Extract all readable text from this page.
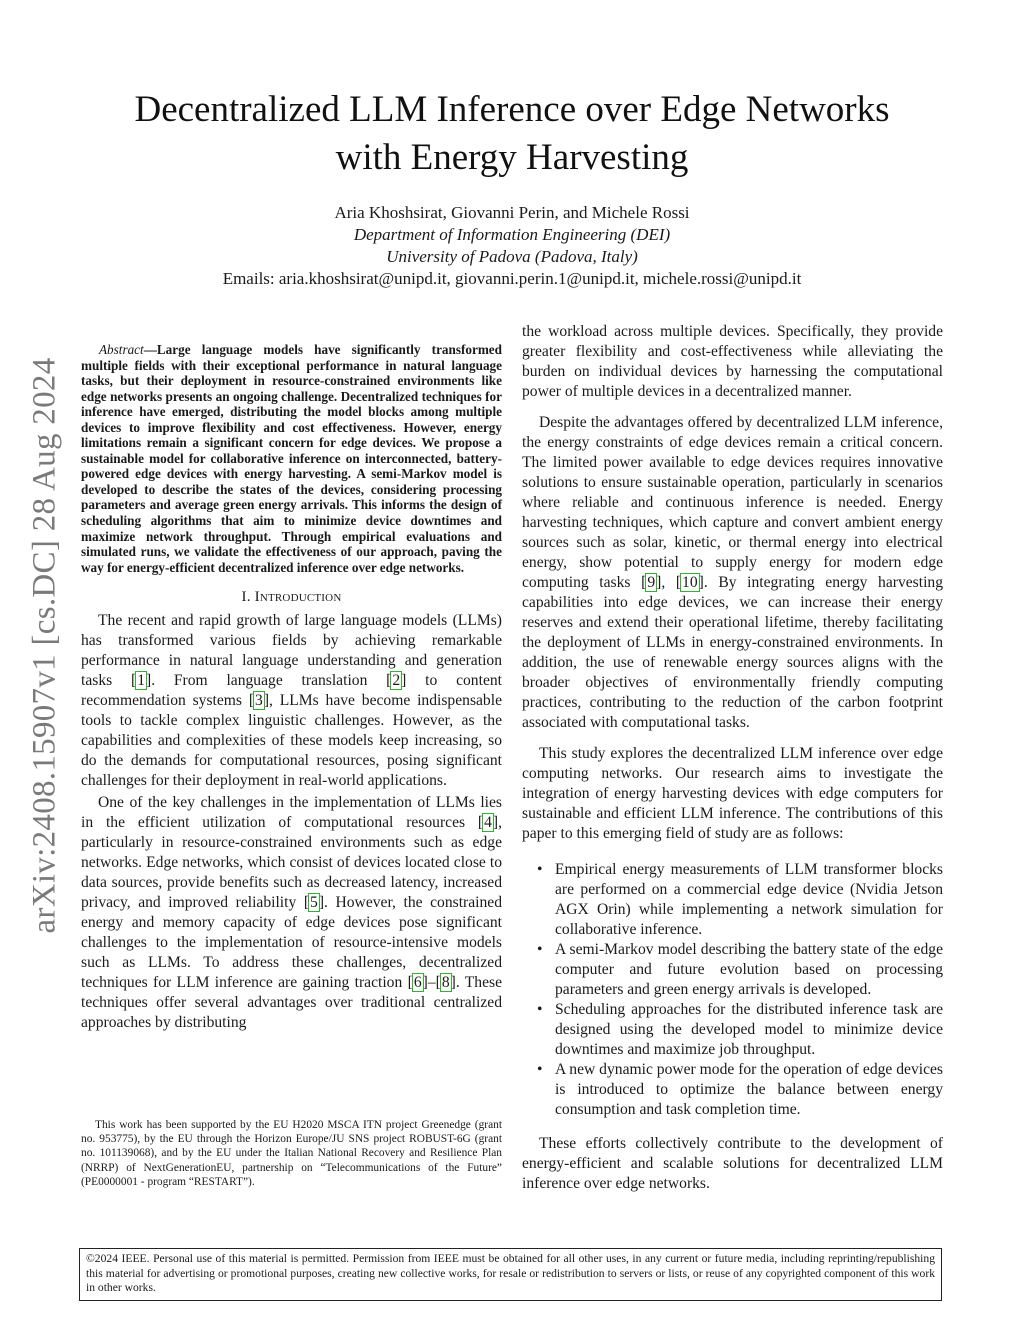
arXiv:2408.15907v1 [cs.DC] 28 Aug 2024
Decentralized LLM Inference over Edge Networks
with Energy Harvesting
Aria Khoshsirat, Giovanni Perin, and Michele Rossi
Department of Information Engineering (DEI)
University of Padova (Padova, Italy)
Emails: aria.khoshsirat@unipd.it, giovanni.perin.1@unipd.it, michele.rossi@unipd.it

Abstract—Large language models have significantly transformed multiple fields with their exceptional performance in natural language tasks, but their deployment in resource-constrained environments like edge networks presents an ongoing challenge. Decentralized techniques for inference have emerged, distributing the model blocks among multiple devices to improve flexibility and cost effectiveness. However, energy limitations remain a significant concern for edge devices. We propose a sustainable model for collaborative inference on interconnected, battery-powered edge devices with energy harvesting. A semi-Markov model is developed to describe the states of the devices, considering processing parameters and average green energy arrivals. This informs the design of scheduling algorithms that aim to minimize device downtimes and maximize network throughput. Through empirical evaluations and simulated runs, we validate the effectiveness of our approach, paving the way for energy-efficient decentralized inference over edge networks.

I. Introduction

The recent and rapid growth of large language models (LLMs) has transformed various fields by achieving remarkable performance in natural language understanding and generation tasks [1]. From language translation [2] to content recommendation systems [3], LLMs have become indispensable tools to tackle complex linguistic challenges. However, as the capabilities and complexities of these models keep increasing, so do the demands for computational resources, posing significant challenges for their deployment in real-world applications.

One of the key challenges in the implementation of LLMs lies in the efficient utilization of computational resources [4], particularly in resource-constrained environments such as edge networks. Edge networks, which consist of devices located close to data sources, provide benefits such as decreased latency, increased privacy, and improved reliability [5]. However, the constrained energy and memory capacity of edge devices pose significant challenges to the implementation of resource-intensive models such as LLMs. To address these challenges, decentralized techniques for LLM inference are gaining traction [6]–[8]. These techniques offer several advantages over traditional centralized approaches by distributing

This work has been supported by the EU H2020 MSCA ITN project Greenedge (grant no. 953775), by the EU through the Horizon Europe/JU SNS project ROBUST-6G (grant no. 101139068), and by the EU under the Italian National Recovery and Resilience Plan (NRRP) of NextGenerationEU, partnership on “Telecommunications of the Future” (PE0000001 - program “RESTART”).

the workload across multiple devices. Specifically, they provide greater flexibility and cost-effectiveness while alleviating the burden on individual devices by harnessing the computational power of multiple devices in a decentralized manner.

Despite the advantages offered by decentralized LLM inference, the energy constraints of edge devices remain a critical concern. The limited power available to edge devices requires innovative solutions to ensure sustainable operation, particularly in scenarios where reliable and continuous inference is needed. Energy harvesting techniques, which capture and convert ambient energy sources such as solar, kinetic, or thermal energy into electrical energy, show potential to supply energy for modern edge computing tasks [9], [10]. By integrating energy harvesting capabilities into edge devices, we can increase their energy reserves and extend their operational lifetime, thereby facilitating the deployment of LLMs in energy-constrained environments. In addition, the use of renewable energy sources aligns with the broader objectives of environmentally friendly computing practices, contributing to the reduction of the carbon footprint associated with computational tasks.

This study explores the decentralized LLM inference over edge computing networks. Our research aims to investigate the integration of energy harvesting devices with edge computers for sustainable and efficient LLM inference. The contributions of this paper to this emerging field of study are as follows:

• Empirical energy measurements of LLM transformer blocks are performed on a commercial edge device (Nvidia Jetson AGX Orin) while implementing a network simulation for collaborative inference.
• A semi-Markov model describing the battery state of the edge computer and future evolution based on processing parameters and green energy arrivals is developed.
• Scheduling approaches for the distributed inference task are designed using the developed model to minimize device downtimes and maximize job throughput.
• A new dynamic power mode for the operation of edge devices is introduced to optimize the balance between energy consumption and task completion time.

These efforts collectively contribute to the development of energy-efficient and scalable solutions for decentralized LLM inference over edge networks.

©2024 IEEE. Personal use of this material is permitted. Permission from IEEE must be obtained for all other uses, in any current or future media, including reprinting/republishing this material for advertising or promotional purposes, creating new collective works, for resale or redistribution to servers or lists, or reuse of any copyrighted component of this work in other works.
